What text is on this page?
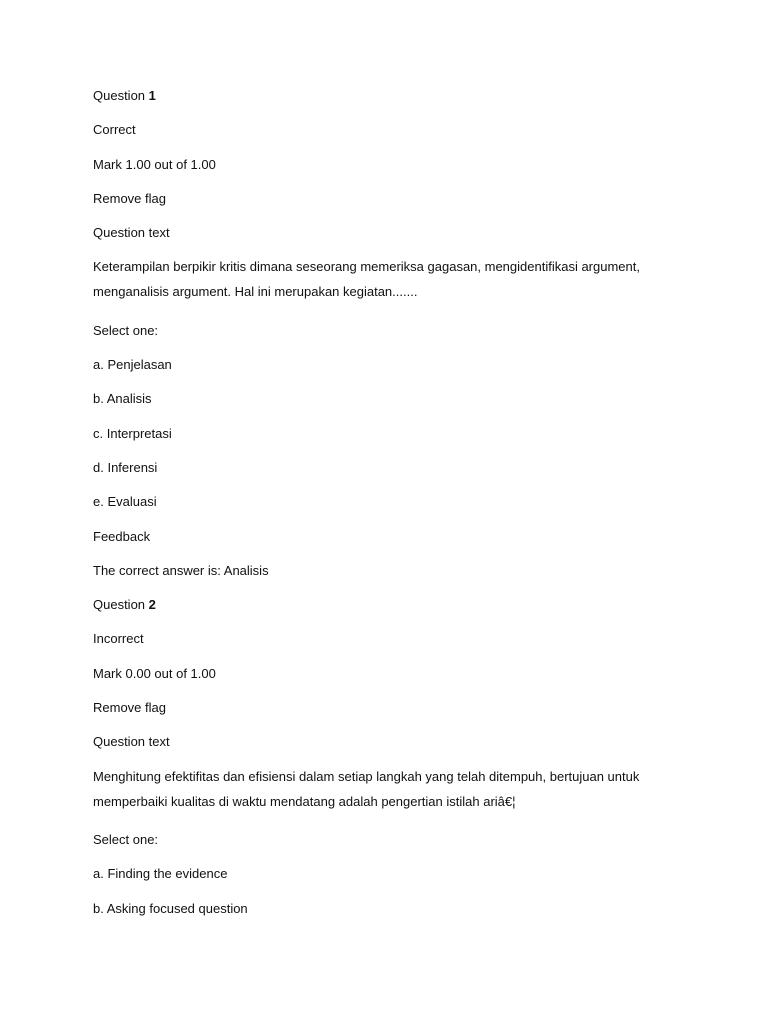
Question 1
Correct
Mark 1.00 out of 1.00
Remove flag
Question text
Keterampilan berpikir kritis dimana seseorang memeriksa gagasan, mengidentifikasi argument, menganalisis argument. Hal ini merupakan kegiatan.......
Select one:
a. Penjelasan
b. Analisis
c. Interpretasi
d. Inferensi
e. Evaluasi
Feedback
The correct answer is: Analisis
Question 2
Incorrect
Mark 0.00 out of 1.00
Remove flag
Question text
Menghitung efektifitas dan efisiensi dalam setiap langkah yang telah ditempuh, bertujuan untuk memperbaiki kualitas di waktu mendatang adalah pengertian istilah ariâ€¦
Select one:
a. Finding the evidence
b. Asking focused question
